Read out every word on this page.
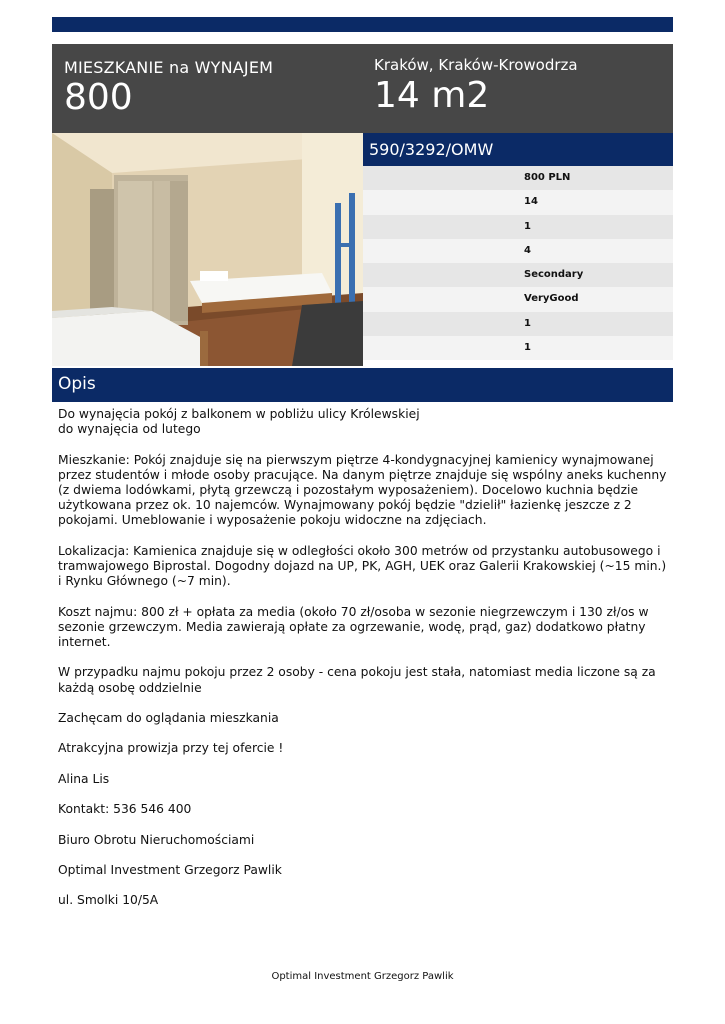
MIESZKANIE na WYNAJEM
800
Kraków, Kraków-Krowodrza
14 m2
590/3292/OMW
800 PLN
14
1
4
Secondary
VeryGood
1
1
Opis

Do wynajęcia pokój z balkonem w pobliżu ulicy Królewskiej
do wynajęcia od lutego

Mieszkanie: Pokój znajduje się na pierwszym piętrze 4-kondygnacyjnej kamienicy wynajmowanej przez studentów i młode osoby pracujące. Na danym piętrze znajduje się wspólny aneks kuchenny (z dwiema lodówkami, płytą grzewczą i pozostałym wyposażeniem). Docelowo kuchnia będzie użytkowana przez ok. 10 najemców. Wynajmowany pokój będzie "dzielił" łazienkę jeszcze z 2 pokojami. Umeblowanie i wyposażenie pokoju widoczne na zdjęciach.

Lokalizacja: Kamienica znajduje się w odległości około 300 metrów od przystanku autobusowego i tramwajowego Biprostal. Dogodny dojazd na UP, PK, AGH, UEK oraz Galerii Krakowskiej (~15 min.) i Rynku Głównego (~7 min).

Koszt najmu: 800 zł + opłata za media (około 70 zł/osoba w sezonie niegrzewczym i 130 zł/os w sezonie grzewczym. Media zawierają opłate za ogrzewanie, wodę, prąd, gaz) dodatkowo płatny internet.

W przypadku najmu pokoju przez 2 osoby - cena pokoju jest stała, natomiast media liczone są za każdą osobę oddzielnie

Zachęcam do oglądania mieszkania

Atrakcyjna prowizja przy tej ofercie !

Alina Lis

Kontakt: 536 546 400

Biuro Obrotu Nieruchomościami

Optimal Investment Grzegorz Pawlik

ul. Smolki 10/5A

Optimal Investment Grzegorz Pawlik
